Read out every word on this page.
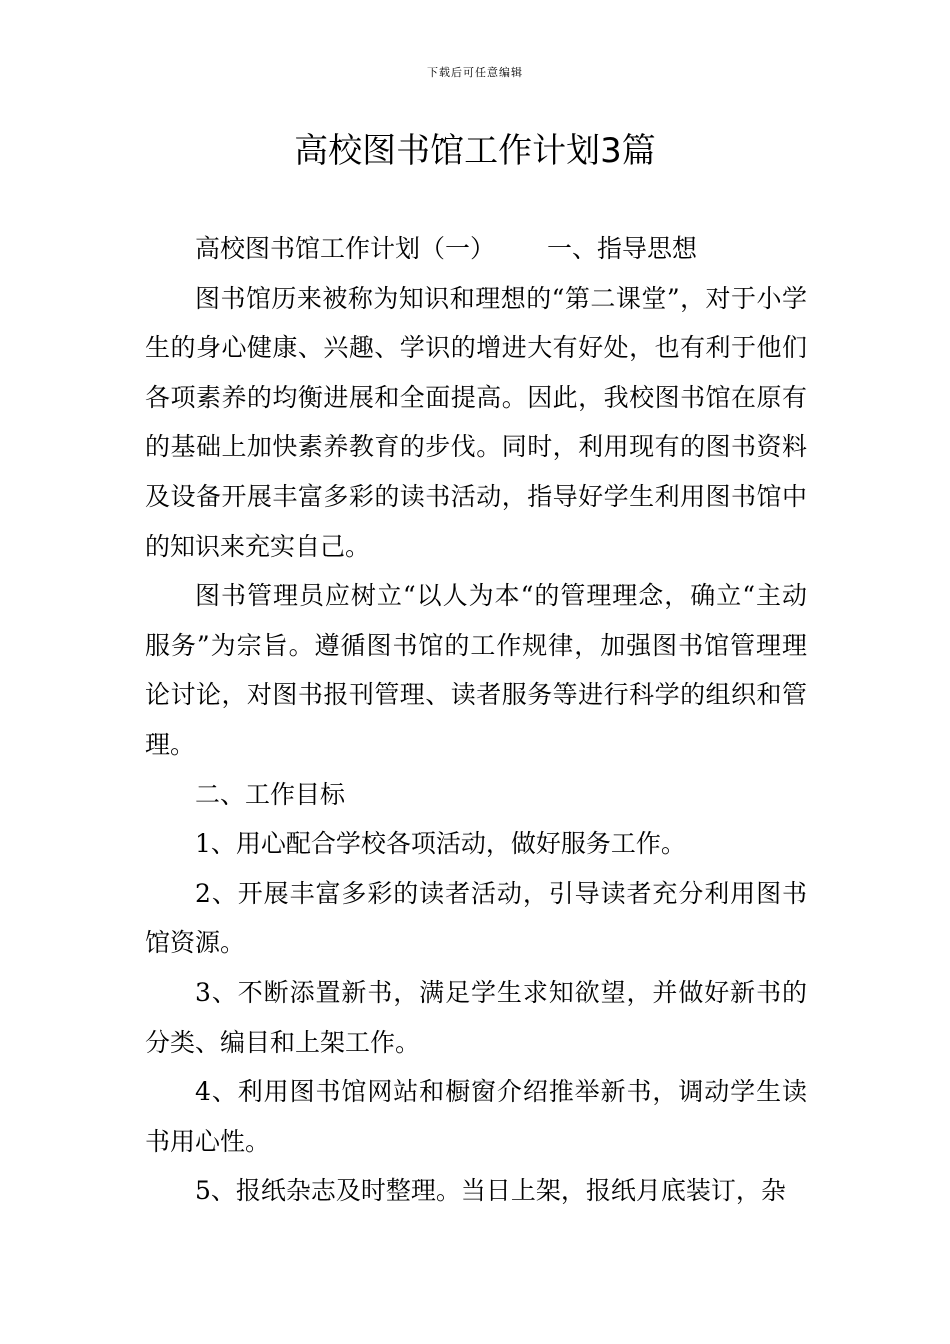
下载后可任意编辑
高校图书馆工作计划3篇

高校图书馆工作计划（一） 一、指导思想

图书馆历来被称为知识和理想的“第二课堂”，对于小学生的身心健康、兴趣、学识的增进大有好处，也有利于他们各项素养的均衡进展和全面提高。因此，我校图书馆在原有的基础上加快素养教育的步伐。同时，利用现有的图书资料及设备开展丰富多彩的读书活动，指导好学生利用图书馆中的知识来充实自己。

图书管理员应树立“以人为本“的管理理念，确立“主动服务”为宗旨。遵循图书馆的工作规律，加强图书馆管理理论讨论，对图书报刊管理、读者服务等进行科学的组织和管理。

二、工作目标

1、用心配合学校各项活动，做好服务工作。

2、开展丰富多彩的读者活动，引导读者充分利用图书馆资源。

3、不断添置新书，满足学生求知欲望，并做好新书的分类、编目和上架工作。

4、利用图书馆网站和橱窗介绍推举新书，调动学生读书用心性。

5、报纸杂志及时整理。当日上架，报纸月底装订，杂
